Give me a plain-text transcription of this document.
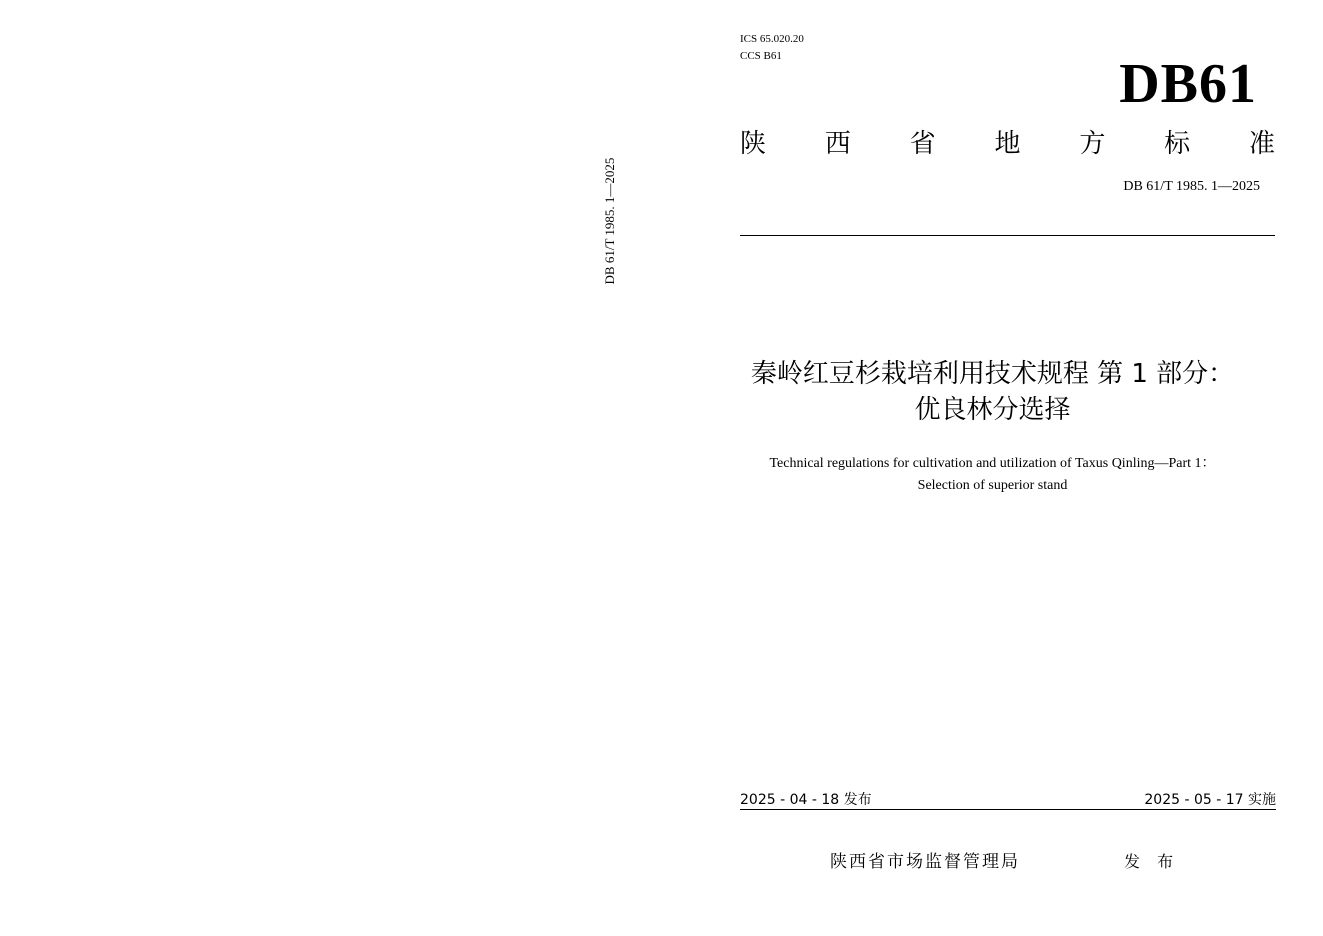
DB 61/T 1985. 1—2025
ICS 65.020.20
CCS B61	DB61
陕 西 省 地 方 标 准
DB 61/T 1985. 1—2025

秦岭红豆杉栽培利用技术规程 第 1 部分：

优良林分选择

Technical regulations for cultivation and utilization of Taxus Qinling—Part 1：
Selection of superior stand
2025 - 04 - 18 发布	2025 - 05 - 17 实施
陕西省市场监督管理局	发 布
